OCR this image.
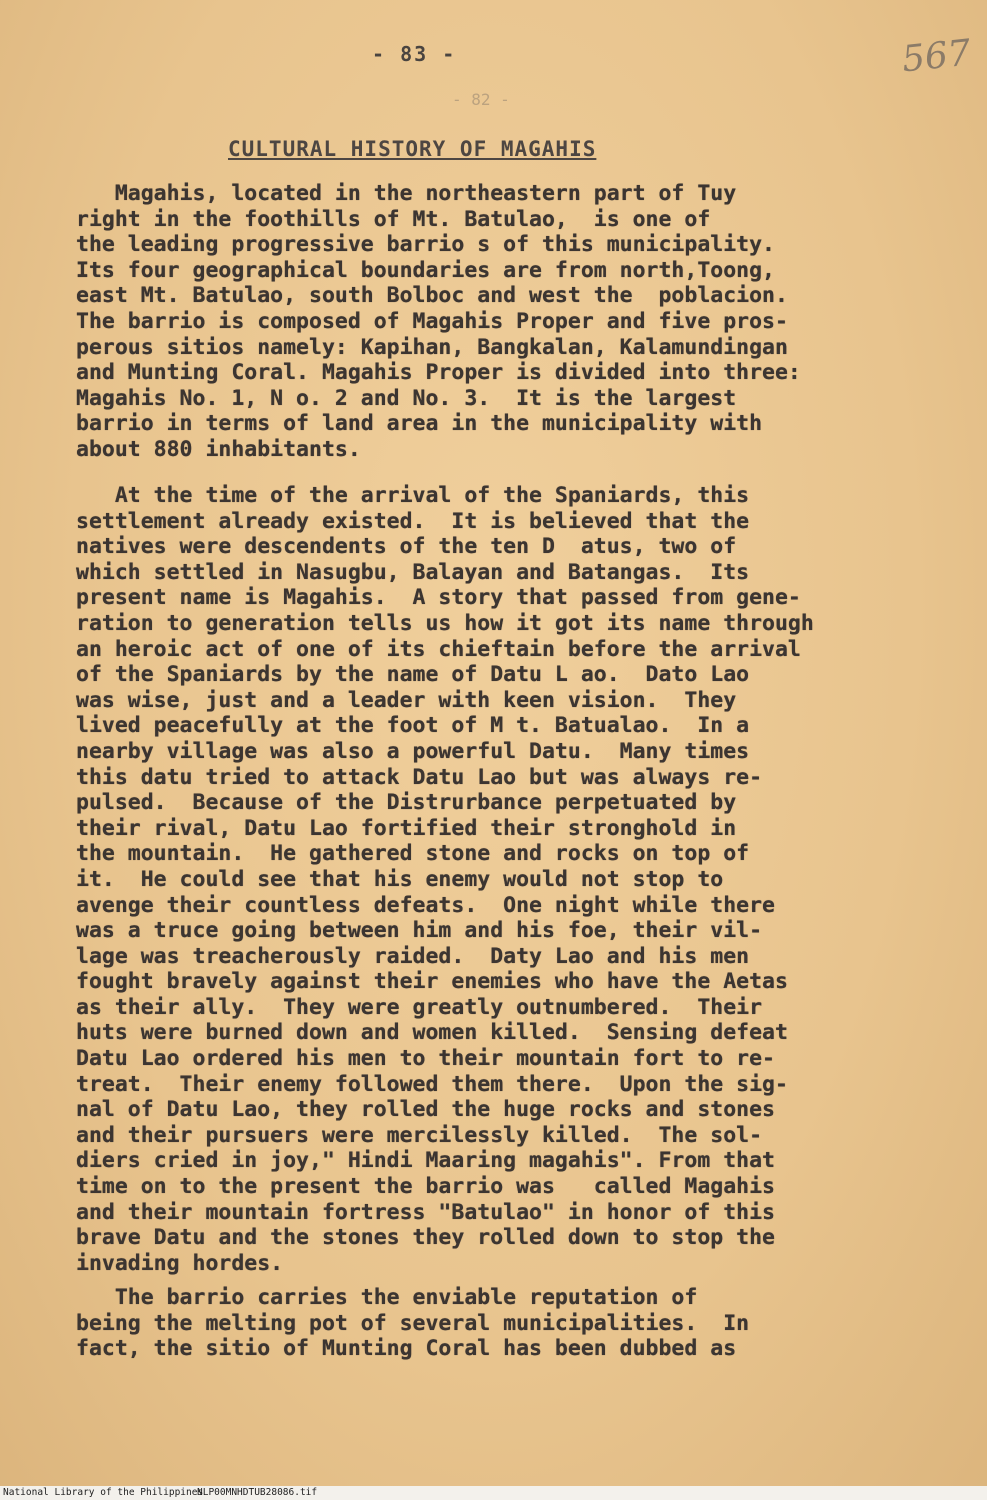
- 83 -
- 82 -
567
CULTURAL HISTORY OF MAGAHIS

Magahis, located in the northeastern part of Tuy
right in the foothills of Mt. Batulao,  is one of
the leading progressive barrio s of this municipality.
Its four geographical boundaries are from north,Toong,
east Mt. Batulao, south Bolboc and west the  poblacion.
The barrio is composed of Magahis Proper and five pros-
perous sitios namely: Kapihan, Bangkalan, Kalamundingan
and Munting Coral. Magahis Proper is divided into three:
Magahis No. 1, N o. 2 and No. 3.  It is the largest
barrio in terms of land area in the municipality with
about 880 inhabitants.

At the time of the arrival of the Spaniards, this
settlement already existed.  It is believed that the
natives were descendents of the ten D  atus, two of
which settled in Nasugbu, Balayan and Batangas.  Its
present name is Magahis.  A story that passed from gene-
ration to generation tells us how it got its name through
an heroic act of one of its chieftain before the arrival
of the Spaniards by the name of Datu L ao.  Dato Lao
was wise, just and a leader with keen vision.  They
lived peacefully at the foot of M t. Batualao.  In a
nearby village was also a powerful Datu.  Many times
this datu tried to attack Datu Lao but was always re-
pulsed.  Because of the Distrurbance perpetuated by
their rival, Datu Lao fortified their stronghold in
the mountain.  He gathered stone and rocks on top of
it.  He could see that his enemy would not stop to
avenge their countless defeats.  One night while there
was a truce going between him and his foe, their vil-
lage was treacherously raided.  Daty Lao and his men
fought bravely against their enemies who have the Aetas
as their ally.  They were greatly outnumbered.  Their
huts were burned down and women killed.  Sensing defeat
Datu Lao ordered his men to their mountain fort to re-
treat.  Their enemy followed them there.  Upon the sig-
nal of Datu Lao, they rolled the huge rocks and stones
and their pursuers were mercilessly killed.  The sol-
diers cried in joy," Hindi Maaring magahis". From that
time on to the present the barrio was   called Magahis
and their mountain fortress "Batulao" in honor of this
brave Datu and the stones they rolled down to stop the
invading hordes.

The barrio carries the enviable reputation of
being the melting pot of several municipalities.  In
fact, the sitio of Munting Coral has been dubbed as

National Library of the Philippines
NLP00MNHDTUB28086.tif
